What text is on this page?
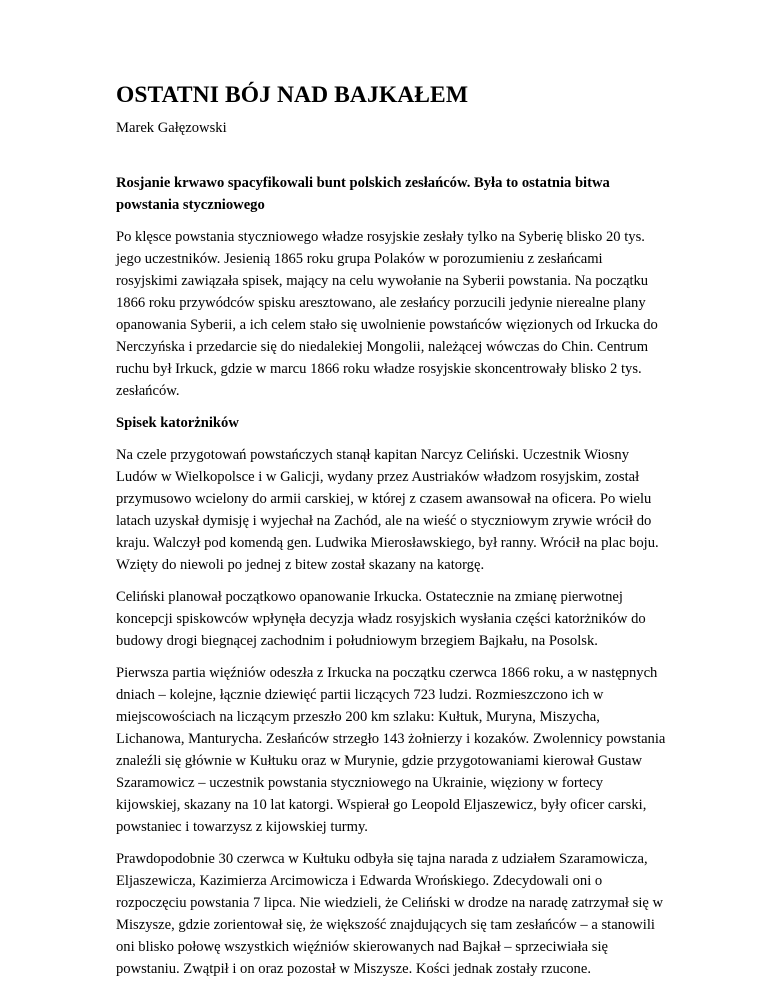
OSTATNI BÓJ NAD BAJKAŁEM

Marek Gałęzowski

Rosjanie krwawo spacyfikowali bunt polskich zesłańców. Była to ostatnia bitwa
powstania styczniowego

Po klęsce powstania styczniowego władze rosyjskie zesłały tylko na Syberię blisko 20 tys.
jego uczestników. Jesienią 1865 roku grupa Polaków w porozumieniu z zesłańcami
rosyjskimi zawiązała spisek, mający na celu wywołanie na Syberii powstania. Na początku
1866 roku przywódców spisku aresztowano, ale zesłańcy porzucili jedynie nierealne plany
opanowania Syberii, a ich celem stało się uwolnienie powstańców więzionych od Irkucka do
Nerczyńska i przedarcie się do niedalekiej Mongolii, należącej wówczas do Chin. Centrum
ruchu był Irkuck, gdzie w marcu 1866 roku władze rosyjskie skoncentrowały blisko 2 tys.
zesłańców.

Spisek katorżników

Na czele przygotowań powstańczych stanął kapitan Narcyz Celiński. Uczestnik Wiosny
Ludów w Wielkopolsce i w Galicji, wydany przez Austriaków władzom rosyjskim, został
przymusowo wcielony do armii carskiej, w której z czasem awansował na oficera. Po wielu
latach uzyskał dymisję i wyjechał na Zachód, ale na wieść o styczniowym zrywie wrócił do
kraju. Walczył pod komendą gen. Ludwika Mierosławskiego, był ranny. Wrócił na plac boju.
Wzięty do niewoli po jednej z bitew został skazany na katorgę.

Celiński planował początkowo opanowanie Irkucka. Ostatecznie na zmianę pierwotnej
koncepcji spiskowców wpłynęła decyzja władz rosyjskich wysłania części katorżników do
budowy drogi biegnącej zachodnim i południowym brzegiem Bajkału, na Posolsk.

Pierwsza partia więźniów odeszła z Irkucka na początku czerwca 1866 roku, a w następnych
dniach – kolejne, łącznie dziewięć partii liczących 723 ludzi. Rozmieszczono ich w
miejscowościach na liczącym przeszło 200 km szlaku: Kułtuk, Muryna, Miszycha,
Lichanowa, Manturycha. Zesłańców strzegło 143 żołnierzy i kozaków. Zwolennicy powstania
znaleźli się głównie w Kułtuku oraz w Murynie, gdzie przygotowaniami kierował Gustaw
Szaramowicz – uczestnik powstania styczniowego na Ukrainie, więziony w fortecy
kijowskiej, skazany na 10 lat katorgi. Wspierał go Leopold Eljaszewicz, były oficer carski,
powstaniec i towarzysz z kijowskiej turmy.

Prawdopodobnie 30 czerwca w Kułtuku odbyła się tajna narada z udziałem Szaramowicza,
Eljaszewicza, Kazimierza Arcimowicza i Edwarda Wrońskiego. Zdecydowali oni o
rozpoczęciu powstania 7 lipca. Nie wiedzieli, że Celiński w drodze na naradę zatrzymał się w
Miszysze, gdzie zorientował się, że większość znajdujących się tam zesłańców – a stanowili
oni blisko połowę wszystkich więźniów skierowanych nad Bajkał – sprzeciwiała się
powstaniu. Zwątpił i on oraz pozostał w Miszysze. Kości jednak zostały rzucone.
